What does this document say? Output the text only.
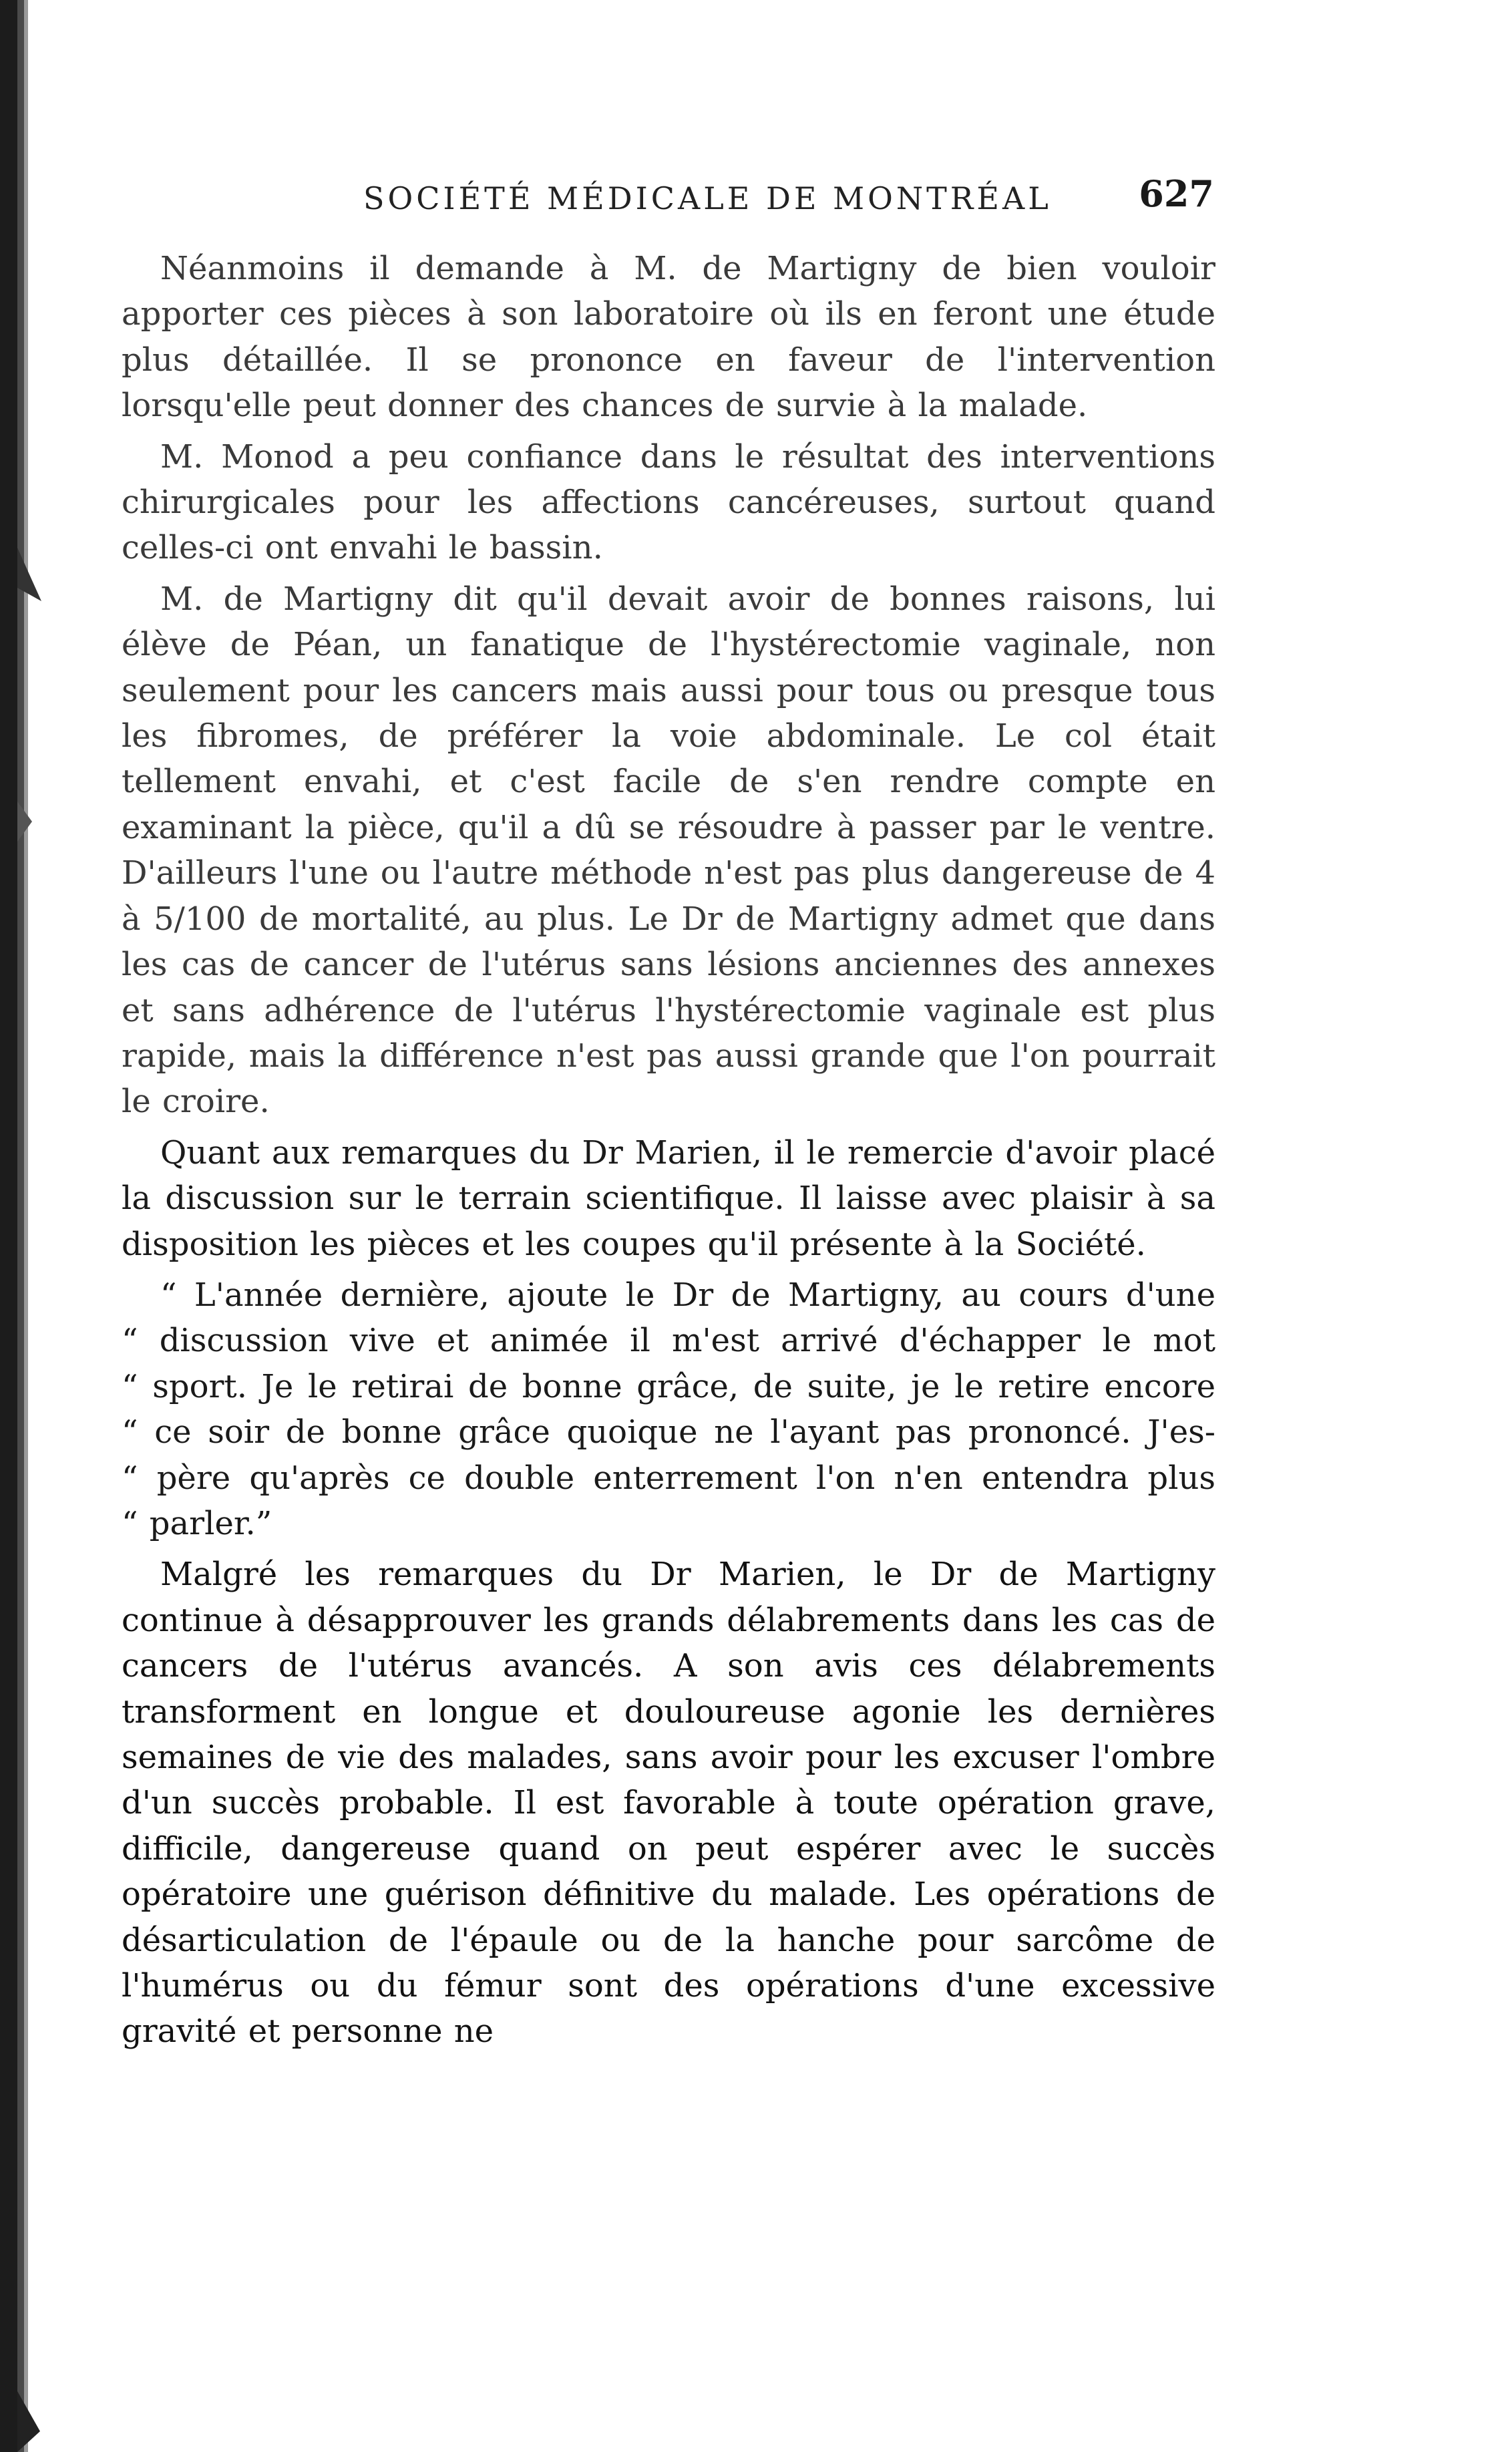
SOCIÉTÉ MÉDICALE DE MONTRÉAL 627

Néanmoins il demande à M. de Martigny de bien vouloir apporter ces pièces à son laboratoire où ils en feront une étude plus détaillée. Il se prononce en faveur de l'intervention lorsqu'elle peut donner des chances de survie à la malade.

M. Monod a peu confiance dans le résultat des interventions chirurgicales pour les affections cancéreuses, surtout quand celles-ci ont envahi le bassin.

M. de Martigny dit qu'il devait avoir de bonnes raisons, lui élève de Péan, un fanatique de l'hystérectomie vaginale, non seulement pour les cancers mais aussi pour tous ou presque tous les fibromes, de préférer la voie abdominale. Le col était tellement envahi, et c'est facile de s'en rendre compte en examinant la pièce, qu'il a dû se résoudre à passer par le ventre. D'ailleurs l'une ou l'autre méthode n'est pas plus dangereuse de 4 à 5/100 de mortalité, au plus. Le Dr de Martigny admet que dans les cas de cancer de l'utérus sans lésions anciennes des annexes et sans adhérence de l'utérus l'hystérectomie vaginale est plus rapide, mais la différence n'est pas aussi grande que l'on pourrait le croire.

Quant aux remarques du Dr Marien, il le remercie d'avoir placé la discussion sur le terrain scientifique. Il laisse avec plaisir à sa disposition les pièces et les coupes qu'il présente à la Société.

“ L'année dernière, ajoute le Dr de Martigny, au cours d'une
“ discussion vive et animée il m'est arrivé d'échapper le mot
“ sport. Je le retirai de bonne grâce, de suite, je le retire encore
“ ce soir de bonne grâce quoique ne l'ayant pas prononcé. J'es-
“ père qu'après ce double enterrement l'on n'en entendra plus
“ parler.”

Malgré les remarques du Dr Marien, le Dr de Martigny continue à désapprouver les grands délabrements dans les cas de cancers de l'utérus avancés. A son avis ces délabrements transforment en longue et douloureuse agonie les dernières semaines de vie des malades, sans avoir pour les excuser l'ombre d'un succès probable. Il est favorable à toute opération grave, difficile, dangereuse quand on peut espérer avec le succès opératoire une guérison définitive du malade. Les opérations de désarticulation de l'épaule ou de la hanche pour sarcôme de l'humérus ou du fémur sont des opérations d'une excessive gravité et personne ne
